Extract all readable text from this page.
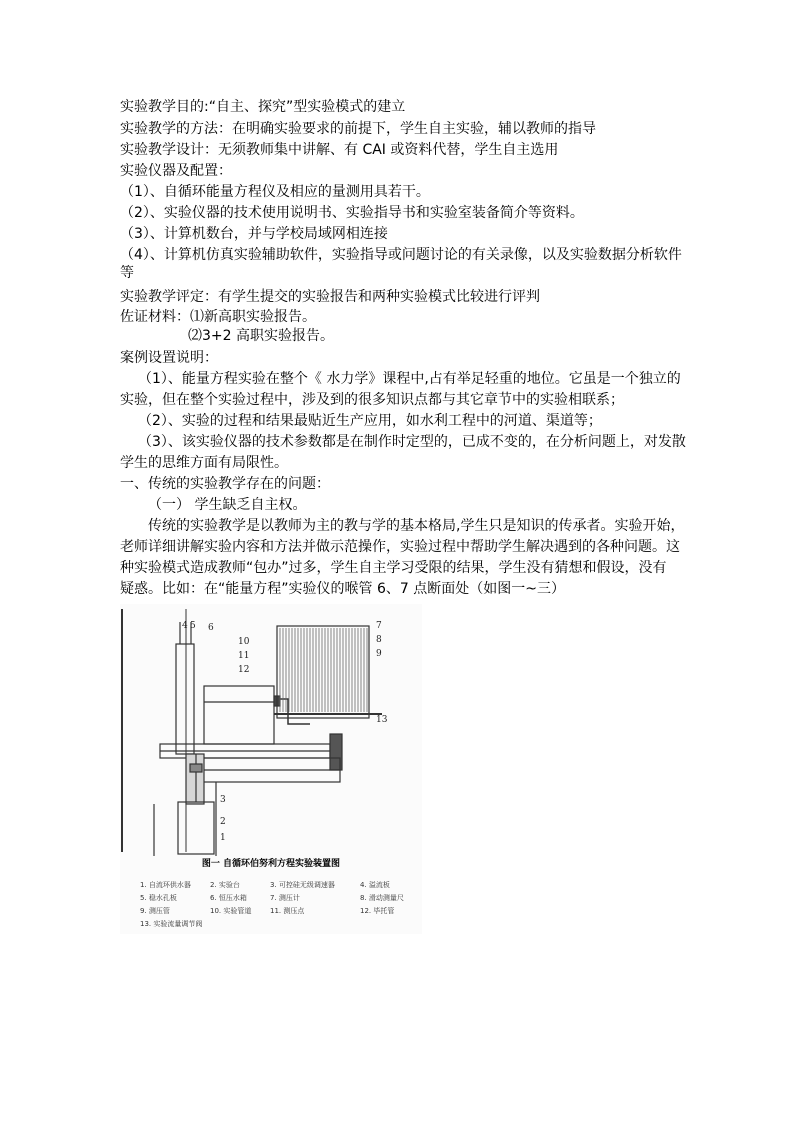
实验教学目的:“自主、探究”型实验模式的建立
实验教学的方法：在明确实验要求的前提下，学生自主实验，辅以教师的指导
实验教学设计：无须教师集中讲解、有 CAI 或资料代替，学生自主选用
实验仪器及配置：
（1）、自循环能量方程仪及相应的量测用具若干。
（2）、实验仪器的技术使用说明书、实验指导书和实验室装备简介等资料。
（3）、计算机数台，并与学校局域网相连接
（4）、计算机仿真实验辅助软件，实验指导或问题讨论的有关录像，以及实验数据分析软件
等
实验教学评定：有学生提交的实验报告和两种实验模式比较进行评判
佐证材料：⑴新高职实验报告。
⑵3+2 高职实验报告。
案例设置说明：
（1）、能量方程实验在整个《 水力学》课程中,占有举足轻重的地位。它虽是一个独立的
实验，但在整个实验过程中，涉及到的很多知识点都与其它章节中的实验相联系；
（2）、实验的过程和结果最贴近生产应用，如水利工程中的河道、渠道等；
（3）、该实验仪器的技术参数都是在制作时定型的，已成不变的，在分析问题上，对发散
学生的思维方面有局限性。
一、传统的实验教学存在的问题：
（一） 学生缺乏自主权。
传统的实验教学是以教师为主的教与学的基本格局,学生只是知识的传承者。实验开始，
老师详细讲解实验内容和方法并做示范操作，实验过程中帮助学生解决遇到的各种问题。这
种实验模式造成教师“包办”过多，学生自主学习受限的结果，学生没有猜想和假设，没有
疑惑。比如：在“能量方程”实验仪的喉管 6、7 点断面处（如图一~三）
4 5 6	7
8
9
10
11
12
13
3
2
1
图一 自循环伯努利方程实验装置图
1. 自流环供水器	2. 实验台	3. 可控硅无级调速器	4. 溢流板
5. 稳水孔板	6. 恒压水箱	7. 测压计	8. 滑动测量尺
9. 测压管	10. 实验管道	11. 测压点	12. 毕托管
13. 实验流量调节阀
